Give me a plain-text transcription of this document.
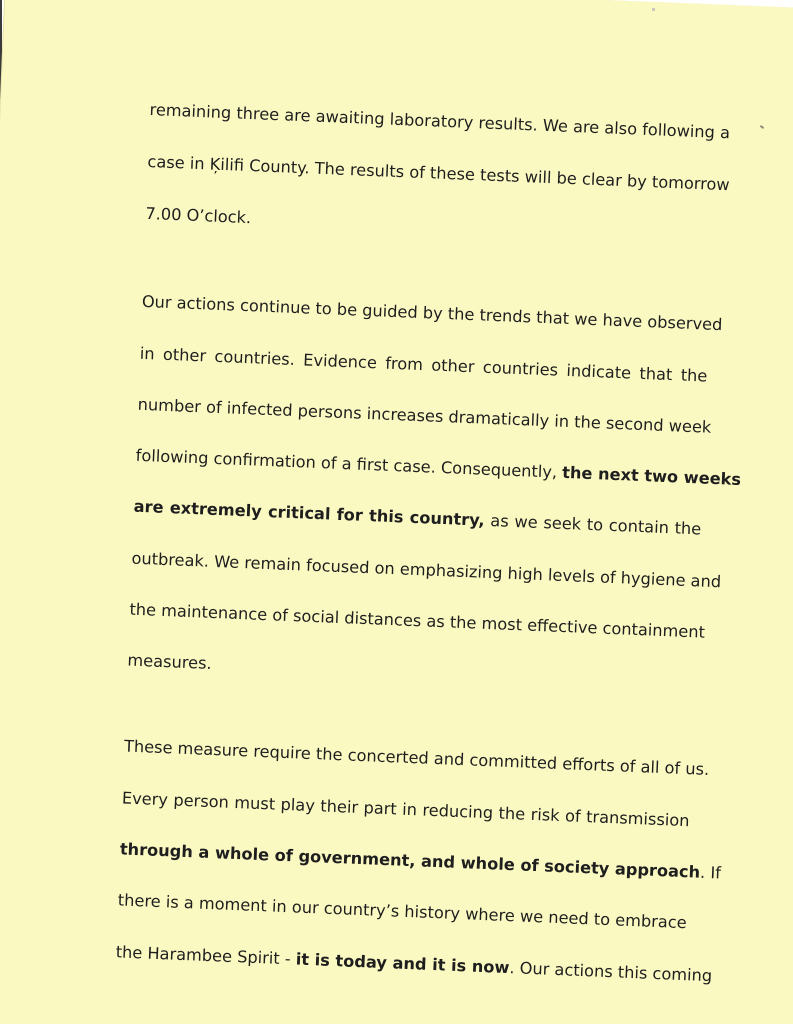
remaining three are awaiting laboratory results. We are also following a
case in Ķilifi County. The results of these tests will be clear by tomorrow
7.00 O’clock.
Our actions continue to be guided by the trends that we have observed
in other countries. Evidence from other countries indicate that the
number of infected persons increases dramatically in the second week
following confirmation of a first case. Consequently, the next two weeks
are extremely critical for this country, as we seek to contain the
outbreak. We remain focused on emphasizing high levels of hygiene and
the maintenance of social distances as the most effective containment
measures.
These measure require the concerted and committed efforts of all of us.
Every person must play their part in reducing the risk of transmission
through a whole of government, and whole of society approach. If
there is a moment in our country’s history where we need to embrace
the Harambee Spirit - it is today and it is now. Our actions this coming
